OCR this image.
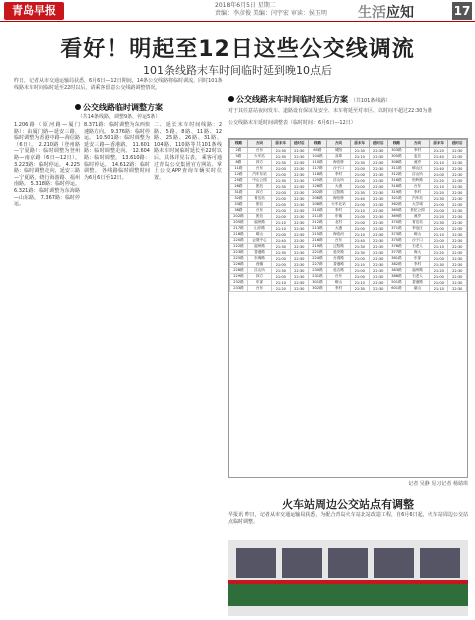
青岛早报	2018年6月5日 星期二
责编：李彦俊 美编：闫宇宏 审读：侯玉明 生活应知	17
看好！明起至12日这些公交线调流
101条线路末车时间临时延到晚10点后
昨日，记者从市交通运输局获悉，6月6日—12日期间，14条公交线路将临时调流，同时101条线路末车时间临时延至22时以后，请乘客留意公交线路调整情况。
公交线路临时调整方案
（共14条线路，调整9条，停运5条）
1.206路（原河路—厦门路）：由厦门路—延安三路，临时调整为香港中路—海信路（6日）。 2.210路（登州路—宁夏路）：临时调整为登州路—南京路（6日—12日）。 3.223路：临时停运。 4.225路：临时调整走向，延安三路—宁夏路，绕行海游路、福州南路。 5.318路：临时停运。 6.321路：临时调整为东海路—山东路。 7.367路：临时停运。
8.371路：临时调整为东西快速路方向。 9.376路：临时停运。 10.501路：临时调整为延安三路—香港路。 11.601路：临时调整走向。 12.604路：临时调整。 13.610路：临时停运。 14.612路：临时调整。 各线路临时调整时间为6月6日至12日。
二、延长末车时间线路：2路、5路、8路、11路、12路、25路、26路、31路、104路、110路等共101条线路末车时间临时延长至22时以后，具体详见右表。 乘客可通过青岛公交集团官方网站、掌上公交APP查询车辆实时位置。
公交线路末车时间临时延后方案 （共101条线路）
对于其任意站夜间发车、道路设有保证及安全、末车将延至对市区、以时间不超过22:30为准
公交线路末车延时间调整表（临时时间：6月6日—12日）
线路	方向	原末车	延时后	线路	方向	原末车	延时后	线路	方向	原末车	延时后
2路	台东	21:30	22:30	65路	城阳	21:30	22:30	303路	李村	21:20	22:30
5路	火车站	21:30	22:30	104路	双埠	21:10	22:30	305路	麦岛	21:40	22:30
8路	四方	21:30	22:30	110路	海泊桥	21:30	22:30	308路	流亭	21:10	22:30
11路	台东	21:00	22:30	117路	沙子口	21:00	22:30	311路	崂山区	21:40	22:30
12路	汽车东站	21:00	22:30	118路	李村	21:00	22:30	312路	浮山所	21:00	22:30
25路	中山公园	21:30	22:30	125路	浮山所	21:00	22:30	316路	松岭路	21:20	22:30
26路	团岛	21:30	22:30	126路	大港	21:00	22:30	318路	台东	21:10	22:30
31路	四方	21:00	22:30	202路	辽阳路	21:30	22:30	319路	李村	21:20	22:30
32路	青岛站	21:00	22:30	206路	海信桥	21:40	22:30	321路	汽车站	21:30	22:30
33路	团岛	21:00	22:30	208路	火车北站	21:00	22:30	362路	大学城	21:00	22:30
36路	台东	21:00	22:30	210路	李村	21:10	22:30	365路	世纪公园	21:00	22:30
202路	团岛	21:00	22:30	211路	东镇	21:00	22:30	369路	流亭	21:20	22:30
205路	福州路	21:10	22:30	212路	北村	21:00	22:30	370路	青岛站	21:30	22:30
217路	山东路	21:10	22:30	213路	大港	21:00	22:30	371路	李沧区	21:00	22:30
218路	崂山	21:00	22:30	215路	海泊河	21:10	22:30	373路	崂山	21:10	22:30
220路	会展中心	21:40	22:30	216路	台东	21:40	22:30	375路	沙子口	21:00	22:30
222路	福州路	21:30	22:30	219路	辽阳路	21:30	22:30	376路	石老人	21:10	22:30
223路	香港路	21:30	22:30	221路	延安路	21:30	22:30	377路	海大	21:20	22:30
225路	东海路	21:00	22:30	224路	台湾路	21:00	22:30	381路	东部	21:00	22:30
226路	西镇	21:00	22:30	227路	香港路	21:10	22:30	382路	李村	21:30	22:30
228路	浮山所	21:30	22:30	230路	延吉路	21:00	22:30	383路	福州路	21:20	22:30
229路	四方	21:00	22:30	231路	台东	21:00	22:30	386路	石老人	21:00	22:30
232路	东部	21:10	22:30	301路	崂山	21:10	22:30	501路	香港路	21:00	22:30
233路	台东	21:20	22:30	302路	李村	21:30	22:30	601路	湛山	21:10	22:30
记者 吴静 见习记者 杨婧琪
火车站周边公交站点有调整
早报讯 昨日，记者从市交通运输局获悉，为配合青岛火车站北站改造工程，自6月6日起，火车站周边公交站点临时调整。
